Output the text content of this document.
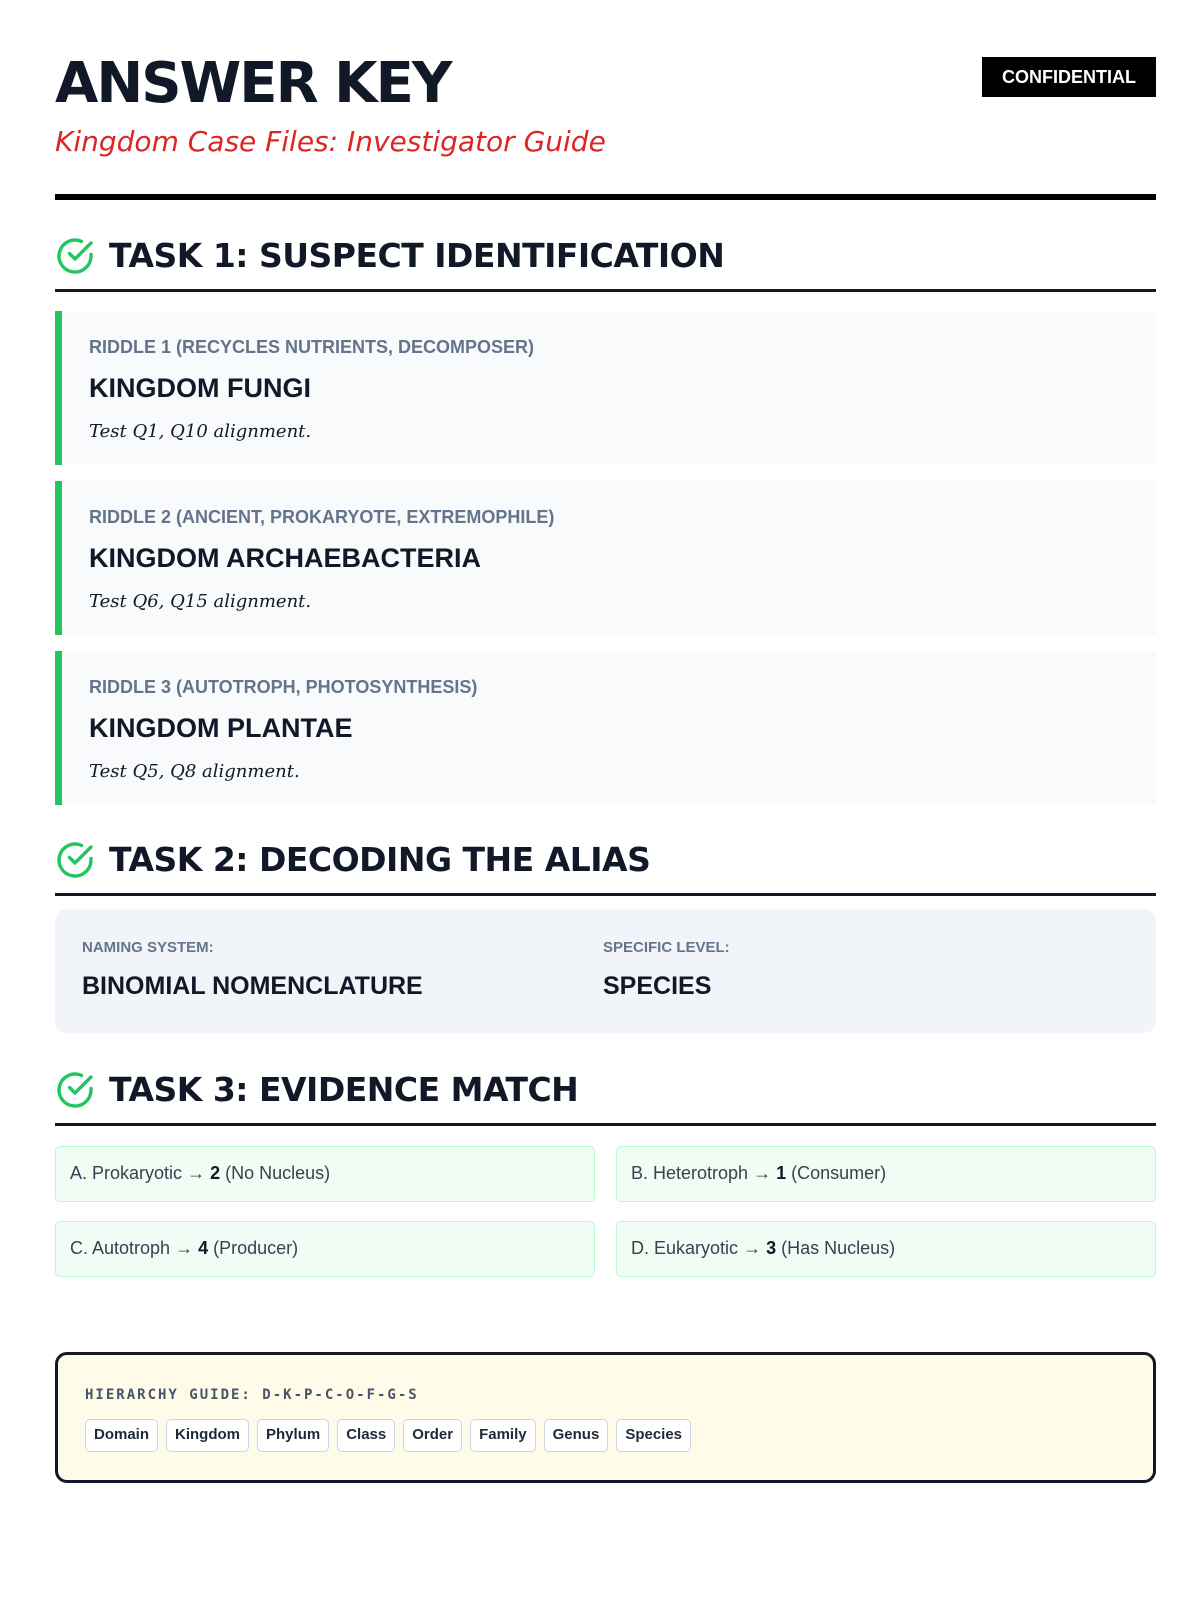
ANSWER KEY
Kingdom Case Files: Investigator Guide
CONFIDENTIAL
TASK 1: SUSPECT IDENTIFICATION
RIDDLE 1 (RECYCLES NUTRIENTS, DECOMPOSER)
KINGDOM FUNGI
Test Q1, Q10 alignment.
RIDDLE 2 (ANCIENT, PROKARYOTE, EXTREMOPHILE)
KINGDOM ARCHAEBACTERIA
Test Q6, Q15 alignment.
RIDDLE 3 (AUTOTROPH, PHOTOSYNTHESIS)
KINGDOM PLANTAE
Test Q5, Q8 alignment.
TASK 2: DECODING THE ALIAS
NAMING SYSTEM:
BINOMIAL NOMENCLATURE
SPECIFIC LEVEL:
SPECIES
TASK 3: EVIDENCE MATCH
A. Prokaryotic → 2 (No Nucleus)	B. Heterotroph → 1 (Consumer)
C. Autotroph → 4 (Producer)	D. Eukaryotic → 3 (Has Nucleus)
HIERARCHY GUIDE: D-K-P-C-O-F-G-S
Domain	Kingdom	Phylum	Class	Order	Family	Genus	Species
